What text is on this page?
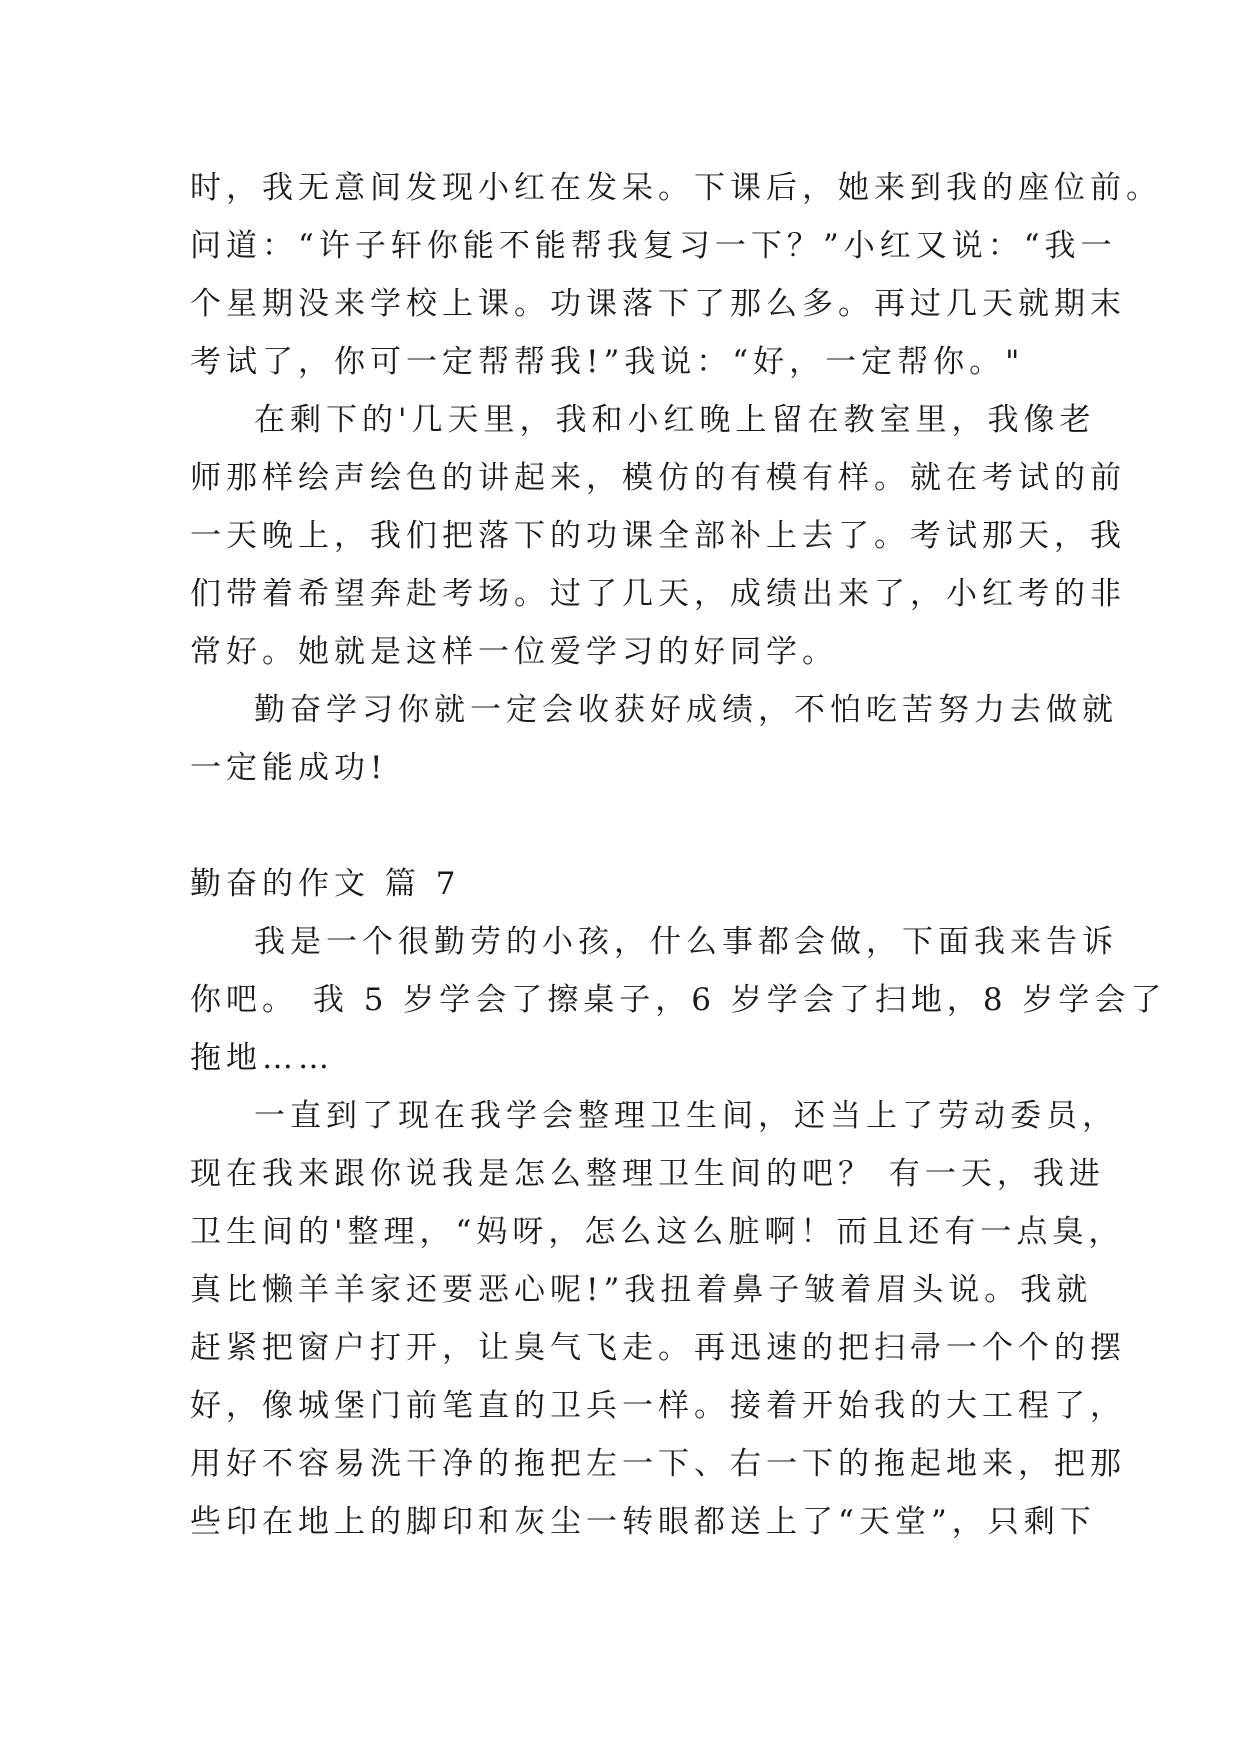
时，我无意间发现小红在发呆。下课后，她来到我的座位前。
问道：“许子轩你能不能帮我复习一下？”小红又说：“我一
个星期没来学校上课。功课落下了那么多。再过几天就期末
考试了，你可一定帮帮我!”我说：“好，一定帮你。"
在剩下的'几天里，我和小红晚上留在教室里，我像老
师那样绘声绘色的讲起来，模仿的有模有样。就在考试的前
一天晚上，我们把落下的功课全部补上去了。考试那天，我
们带着希望奔赴考场。过了几天，成绩出来了，小红考的非
常好。她就是这样一位爱学习的好同学。
勤奋学习你就一定会收获好成绩，不怕吃苦努力去做就
一定能成功!
勤奋的作文 篇 7
我是一个很勤劳的小孩，什么事都会做，下面我来告诉
你吧。 我 5 岁学会了擦桌子，6 岁学会了扫地，8 岁学会了
拖地……
一直到了现在我学会整理卫生间，还当上了劳动委员，
现在我来跟你说我是怎么整理卫生间的吧？ 有一天，我进
卫生间的'整理，“妈呀，怎么这么脏啊！而且还有一点臭，
真比懒羊羊家还要恶心呢!”我扭着鼻子皱着眉头说。我就
赶紧把窗户打开，让臭气飞走。再迅速的把扫帚一个个的摆
好，像城堡门前笔直的卫兵一样。接着开始我的大工程了，
用好不容易洗干净的拖把左一下、右一下的拖起地来，把那
些印在地上的脚印和灰尘一转眼都送上了“天堂”，只剩下
